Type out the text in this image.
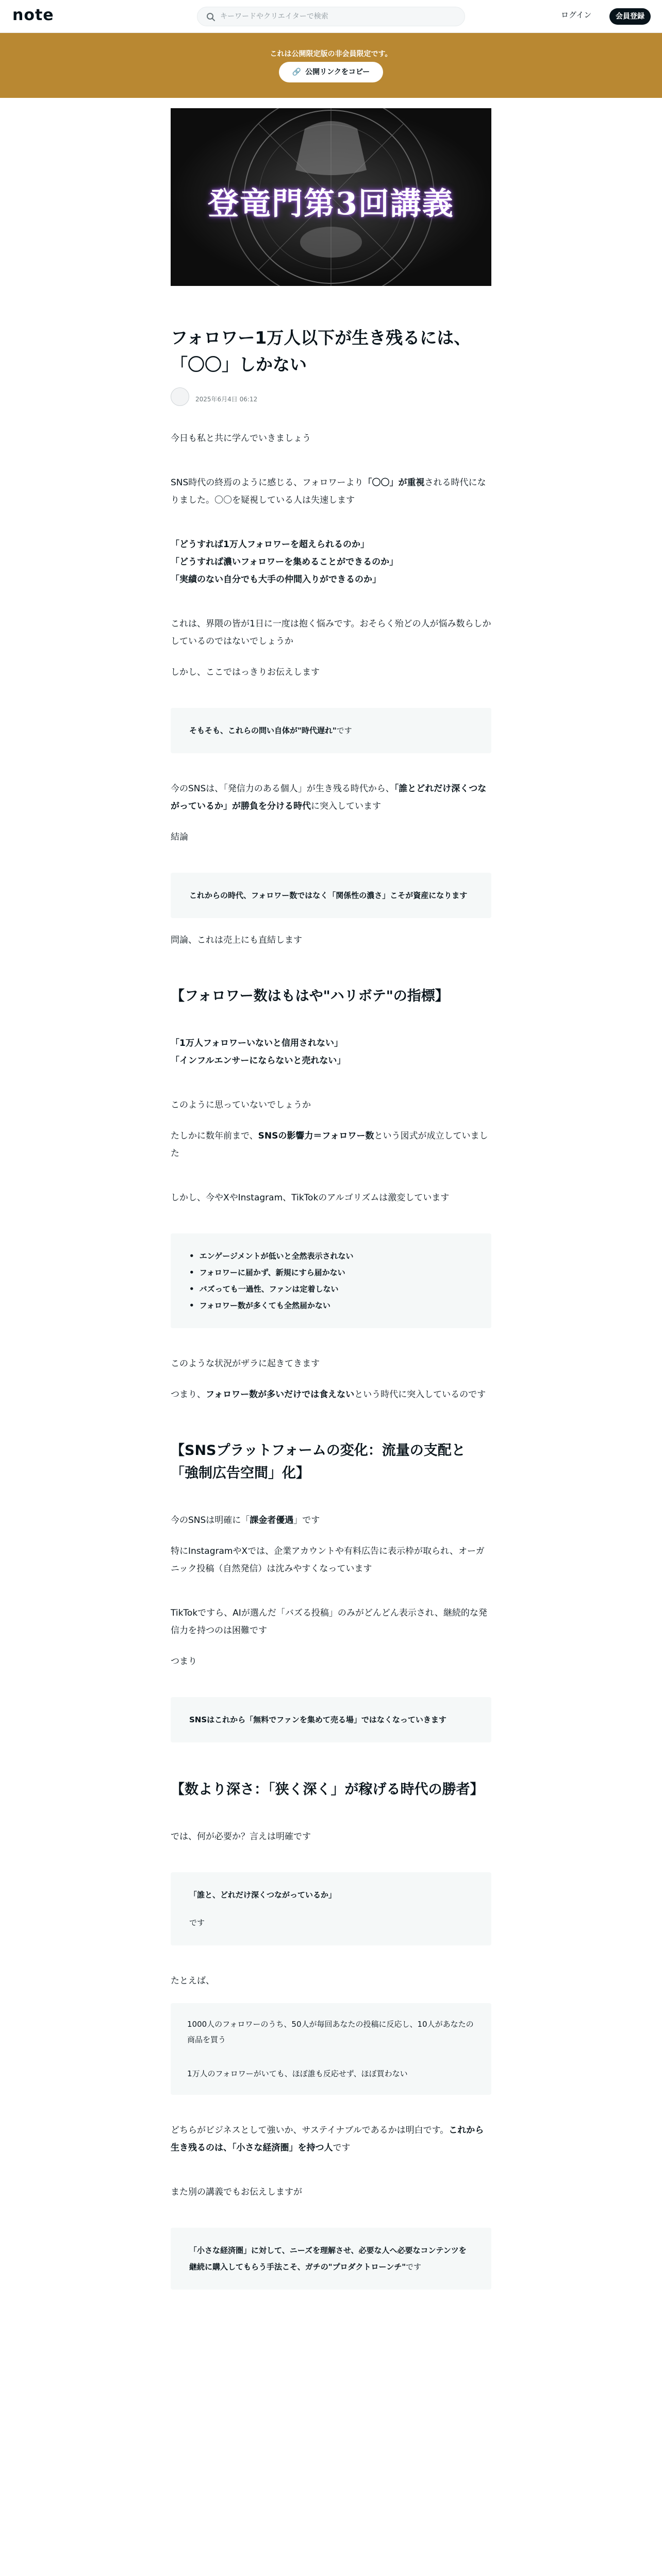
note
キーワードやクリエイターで検索	ログイン	会員登録
これは公開限定版の非会員限定です。
🔗 公開リンクをコピー
登竜門第3回講義
フォロワー1万人以下が生き残るには、「〇〇」しかない
2025年6月4日 06:12

今日も私と共に学んでいきましょう

SNS時代の終焉のように感じる、フォロワーより「〇〇」が重視される時代になりました。〇〇を疑視している人は失速します

「どうすれば1万人フォロワーを超えられるのか」
「どうすれば濃いフォロワーを集めることができるのか」
「実績のない自分でも大手の仲間入りができるのか」

これは、界隈の皆が1日に一度は抱く悩みです。おそらく殆どの人が悩み数らしかしているのではないでしょうか

しかし、ここではっきりお伝えします

そもそも、これらの問い自体が"時代遅れ"です

今のSNSは、「発信力のある個人」が生き残る時代から、「誰とどれだけ深くつながっているか」が勝負を分ける時代に突入しています

結論

これからの時代、フォロワー数ではなく「関係性の濃さ」こそが資産になります

問論、これは売上にも直結します

【フォロワー数はもはや"ハリボテ"の指標】
「1万人フォロワーいないと信用されない」
「インフルエンサーにならないと売れない」

このように思っていないでしょうか

たしかに数年前まで、SNSの影響力＝フォロワー数という図式が成立していました

しかし、今やXやInstagram、TikTokのアルゴリズムは激変しています

• エンゲージメントが低いと全然表示されない
• フォロワーに届かず、新規にすら届かない
• バズっても一過性、ファンは定着しない
• フォロワー数が多くても全然届かない

このような状況がザラに起きてきます

つまり、フォロワー数が多いだけでは食えないという時代に突入しているのです

【SNSプラットフォームの変化：流量の支配と「強制広告空間」化】

今のSNSは明確に「課金者優遇」です

特にInstagramやXでは、企業アカウントや有料広告に表示枠が取られ、オーガニック投稿（自然発信）は沈みやすくなっています

TikTokですら、AIが選んだ「バズる投稿」のみがどんどん表示され、継続的な発信力を持つのは困難です

つまり

SNSはこれから「無料でファンを集めて売る場」ではなくなっていきます
【数より深さ：「狭く深く」が稼げる時代の勝者】

では、何が必要か？言えは明確です

「誰と、どれだけ深くつながっているか」
です

たとえば、

1000人のフォロワーのうち、50人が毎回あなたの投稿に反応し、10人があなたの商品を買う

1万人のフォロワーがいても、ほぼ誰も反応せず、ほぼ買わない

どちらがビジネスとして強いか、サステイナブルであるかは明白です。これから生き残るのは、「小さな経済圏」を持つ人です

また別の講義でもお伝えしますが

「小さな経済圏」に対して、ニーズを理解させ、必要な人へ必要なコンテンツを継続に購入してもらう手法こそ、ガチの"プロダクトローンチ"です
